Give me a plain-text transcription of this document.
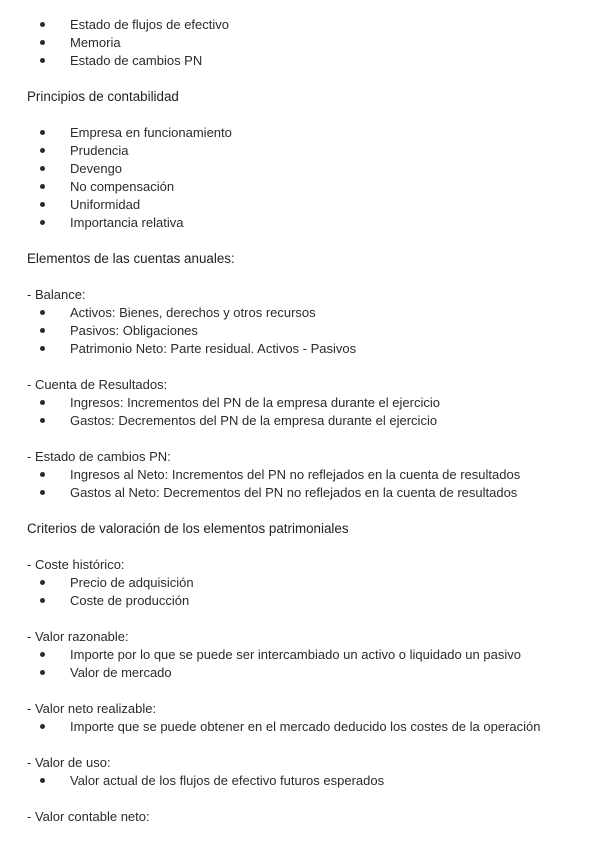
Estado de flujos de efectivo
Memoria
Estado de cambios PN
Principios de contabilidad
Empresa en funcionamiento
Prudencia
Devengo
No compensación
Uniformidad
Importancia relativa
Elementos de las cuentas anuales:
- Balance:
Activos: Bienes, derechos y otros recursos
Pasivos: Obligaciones
Patrimonio Neto: Parte residual. Activos - Pasivos
- Cuenta de Resultados:
Ingresos: Incrementos del PN de la empresa durante el ejercicio
Gastos: Decrementos del PN de la empresa durante el ejercicio
- Estado de cambios PN:
Ingresos al Neto: Incrementos del PN no reflejados en la cuenta de resultados
Gastos al Neto: Decrementos del PN no reflejados en la cuenta de resultados
Criterios de valoración de los elementos patrimoniales
- Coste histórico:
Precio de adquisición
Coste de producción
- Valor razonable:
Importe por lo que se puede ser intercambiado un activo o liquidado un pasivo
Valor de mercado
- Valor neto realizable:
Importe que se puede obtener en el mercado deducido los costes de la operación
- Valor de uso:
Valor actual de los flujos de efectivo futuros esperados
- Valor contable neto:
